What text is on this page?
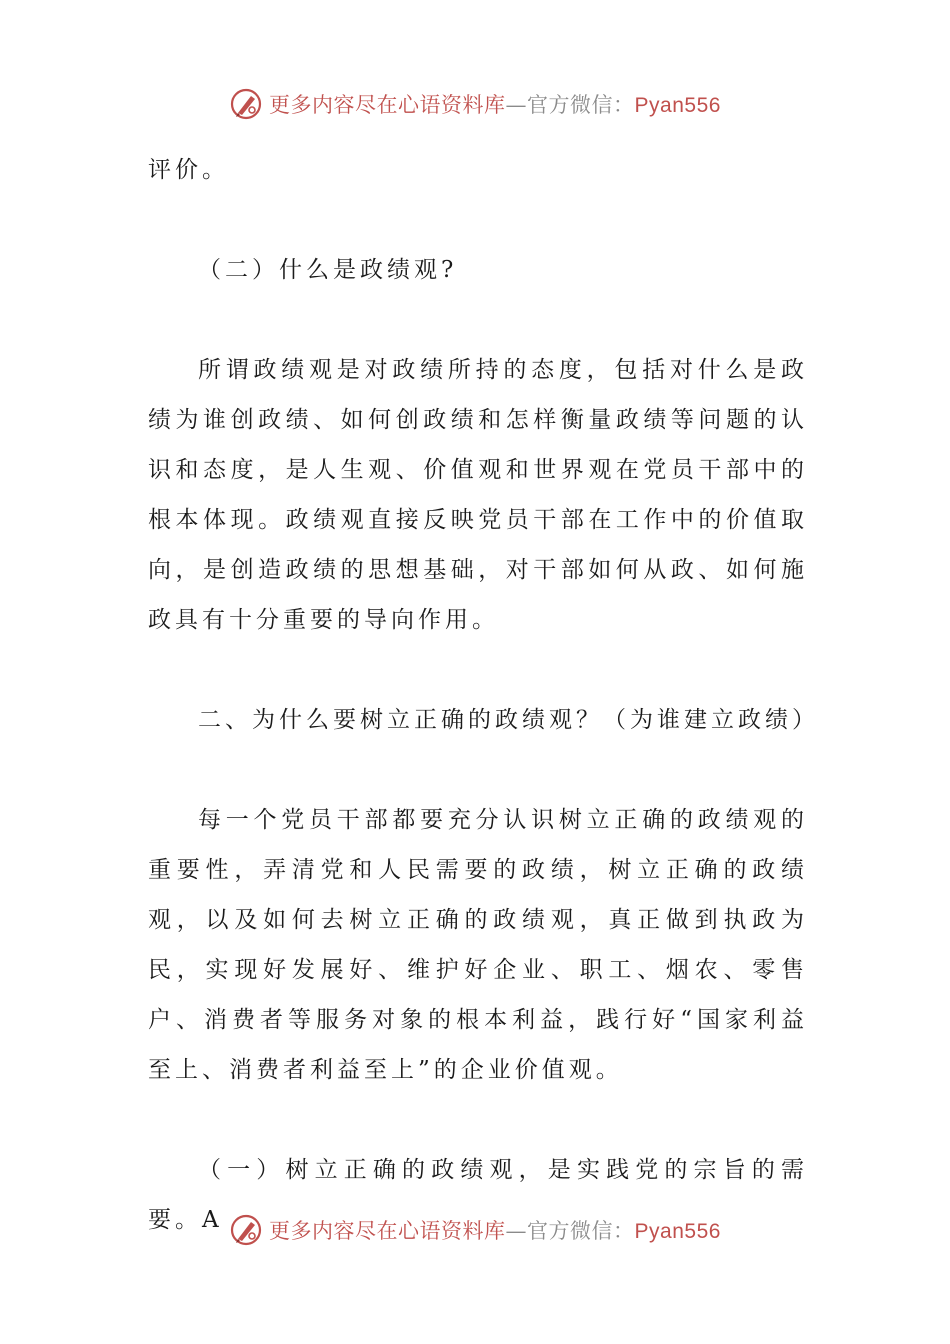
更多内容尽在心语资料库—官方微信：Pyan556

评价。

（二）什么是政绩观?

所谓政绩观是对政绩所持的态度，包括对什么是政绩为谁创政绩、如何创政绩和怎样衡量政绩等问题的认识和态度，是人生观、价值观和世界观在党员干部中的根本体现。政绩观直接反映党员干部在工作中的价值取向，是创造政绩的思想基础，对干部如何从政、如何施政具有十分重要的导向作用。

二、为什么要树立正确的政绩观？（为谁建立政绩）

每一个党员干部都要充分认识树立正确的政绩观的重要性，弄清党和人民需要的政绩，树立正确的政绩观，以及如何去树立正确的政绩观，真正做到执政为民，实现好发展好、维护好企业、职工、烟农、零售户、消费者等服务对象的根本利益，践行好“国家利益至上、消费者利益至上”的企业价值观。

（一）树立正确的政绩观，是实践党的宗旨的需要。A	更多内容尽在心语资料库—官方微信：Pyan556
